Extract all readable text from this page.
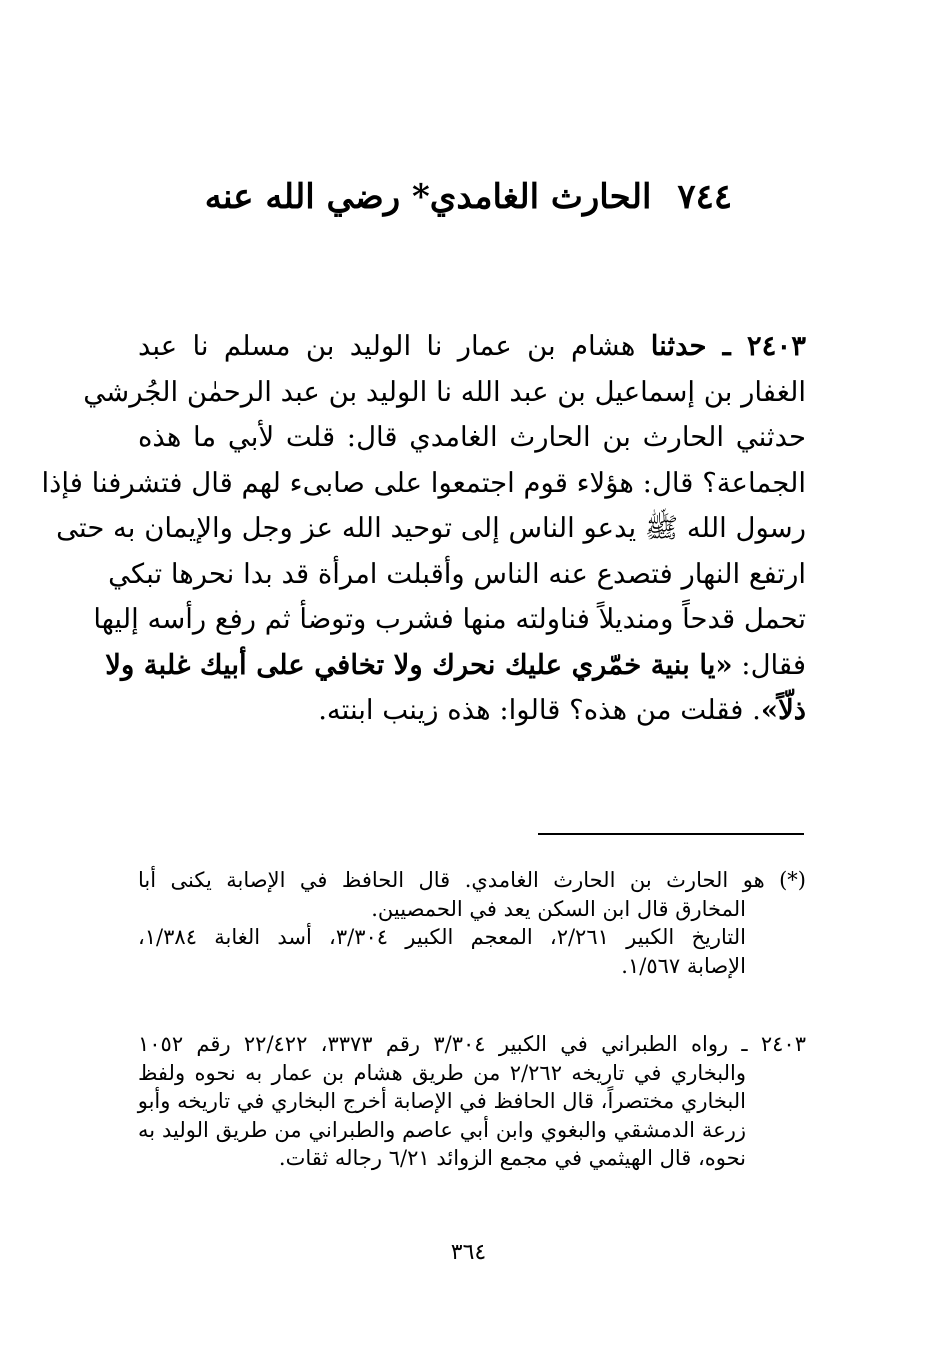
٧٤٤الحارث الغامدي* رضي الله عنه
٢٤٠٣ ـ حدثنا هشام بن عمار نا الوليد بن مسلم نا عبد
الغفار بن إسماعيل بن عبد الله نا الوليد بن عبد الرحمٰن الجُرشي
حدثني الحارث بن الحارث الغامدي قال: قلت لأبي ما هذه
الجماعة؟ قال: هؤلاء قوم اجتمعوا على صابىء لهم قال فتشرفنا فإذا
رسول الله ﷺ يدعو الناس إلى توحيد الله عز وجل والإيمان به حتى
ارتفع النهار فتصدع عنه الناس وأقبلت امرأة قد بدا نحرها تبكي
تحمل قدحاً ومنديلاً فناولته منها فشرب وتوضأ ثم رفع رأسه إليها
فقال: «يا بنية خمّري عليك نحرك ولا تخافي على أبيك غلبة ولا
ذلّاً». فقلت من هذه؟ قالوا: هذه زينب ابنته.
(*) هو الحارث بن الحارث الغامدي. قال الحافظ في الإصابة يكنى أبا
المخارق قال ابن السكن يعد في الحمصيين.
التاريخ الكبير ٢/٢٦١، المعجم الكبير ٣/٣٠٤، أسد الغابة ١/٣٨٤،
الإصابة ١/٥٦٧.
٢٤٠٣ ـ رواه الطبراني في الكبير ٣/٣٠٤ رقم ٣٣٧٣، ٢٢/٤٢٢ رقم ١٠٥٢
والبخاري في تاريخه ٢/٢٦٢ من طريق هشام بن عمار به نحوه ولفظ
البخاري مختصراً، قال الحافظ في الإصابة أخرج البخاري في تاريخه وأبو
زرعة الدمشقي والبغوي وابن أبي عاصم والطبراني من طريق الوليد به
نحوه، قال الهيثمي في مجمع الزوائد ٦/٢١ رجاله ثقات.
٣٦٤
